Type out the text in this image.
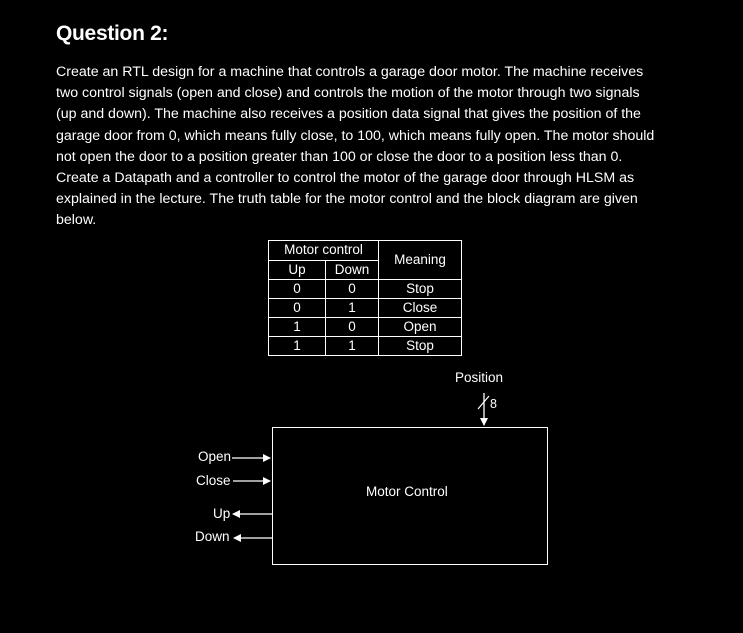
Question 2:
Create an RTL design for a machine that controls a garage door motor. The machine receives
two control signals (open and close) and controls the motion of the motor through two signals
(up and down). The machine also receives a position data signal that gives the position of the
garage door from 0, which means fully close, to 100, which means fully open. The motor should
not open the door to a position greater than 100 or close the door to a position less than 0.
Create a Datapath and a controller to control the motor of the garage door through HLSM as
explained in the lecture. The truth table for the motor control and the block diagram are given
below.
Motor control		Meaning
Up	Down	
0	0	Stop
0	1	Close
1	0	Open
1	1	Stop
Position
8
Motor Control
Open
Close
Up
Down
